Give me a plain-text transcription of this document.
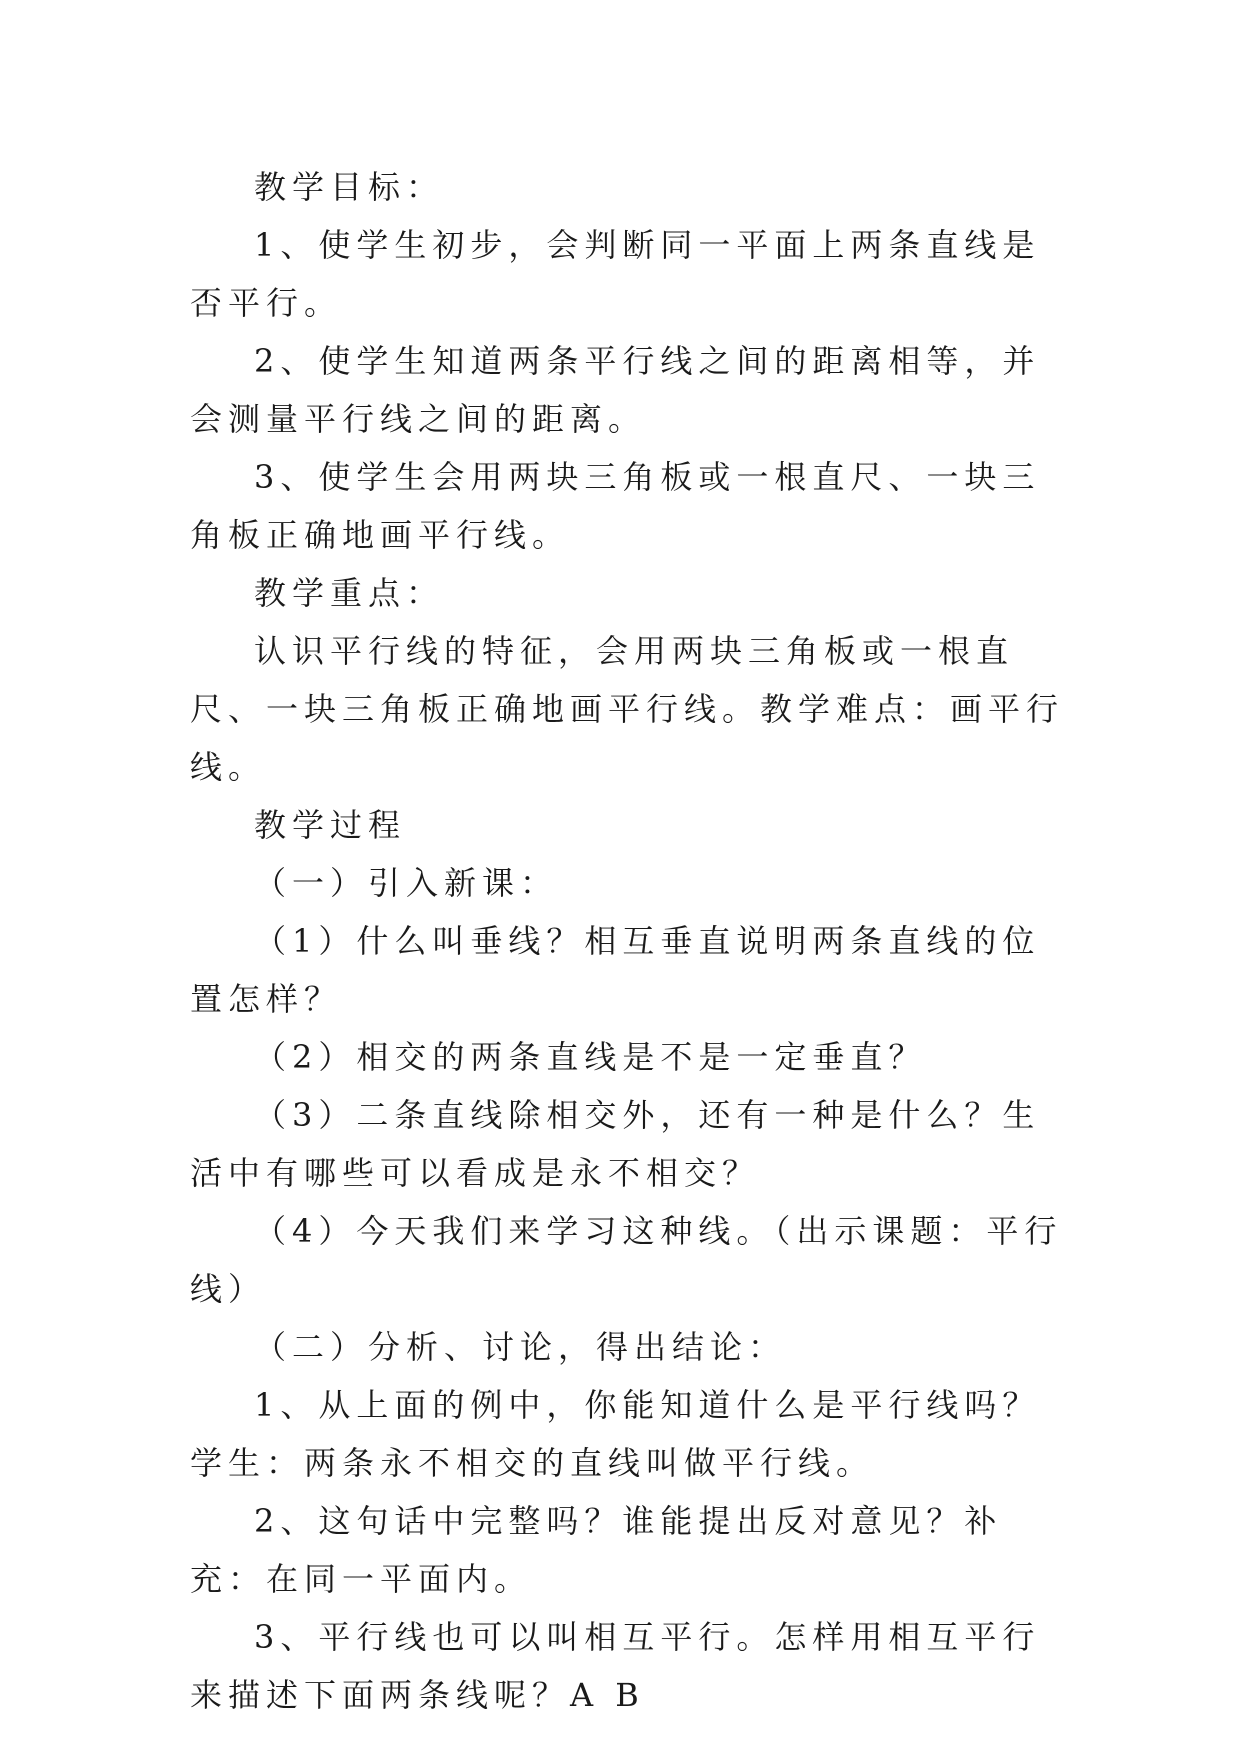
教学目标：

1、使学生初步，会判断同一平面上两条直线是否平行。

2、使学生知道两条平行线之间的距离相等，并会测量平行线之间的距离。

3、使学生会用两块三角板或一根直尺、一块三角板正确地画平行线。

教学重点：

认识平行线的特征，会用两块三角板或一根直尺、一块三角板正确地画平行线。教学难点：画平行线。

教学过程

（一）引入新课：

（1）什么叫垂线？相互垂直说明两条直线的位置怎样？

（2）相交的两条直线是不是一定垂直？

（3）二条直线除相交外，还有一种是什么？生活中有哪些可以看成是永不相交？

（4）今天我们来学习这种线。（出示课题：平行线）

（二）分析、讨论，得出结论：

1、从上面的例中，你能知道什么是平行线吗？学生：两条永不相交的直线叫做平行线。

2、这句话中完整吗？谁能提出反对意见？补充：在同一平面内。

3、平行线也可以叫相互平行。怎样用相互平行来描述下面两条线呢？A B
